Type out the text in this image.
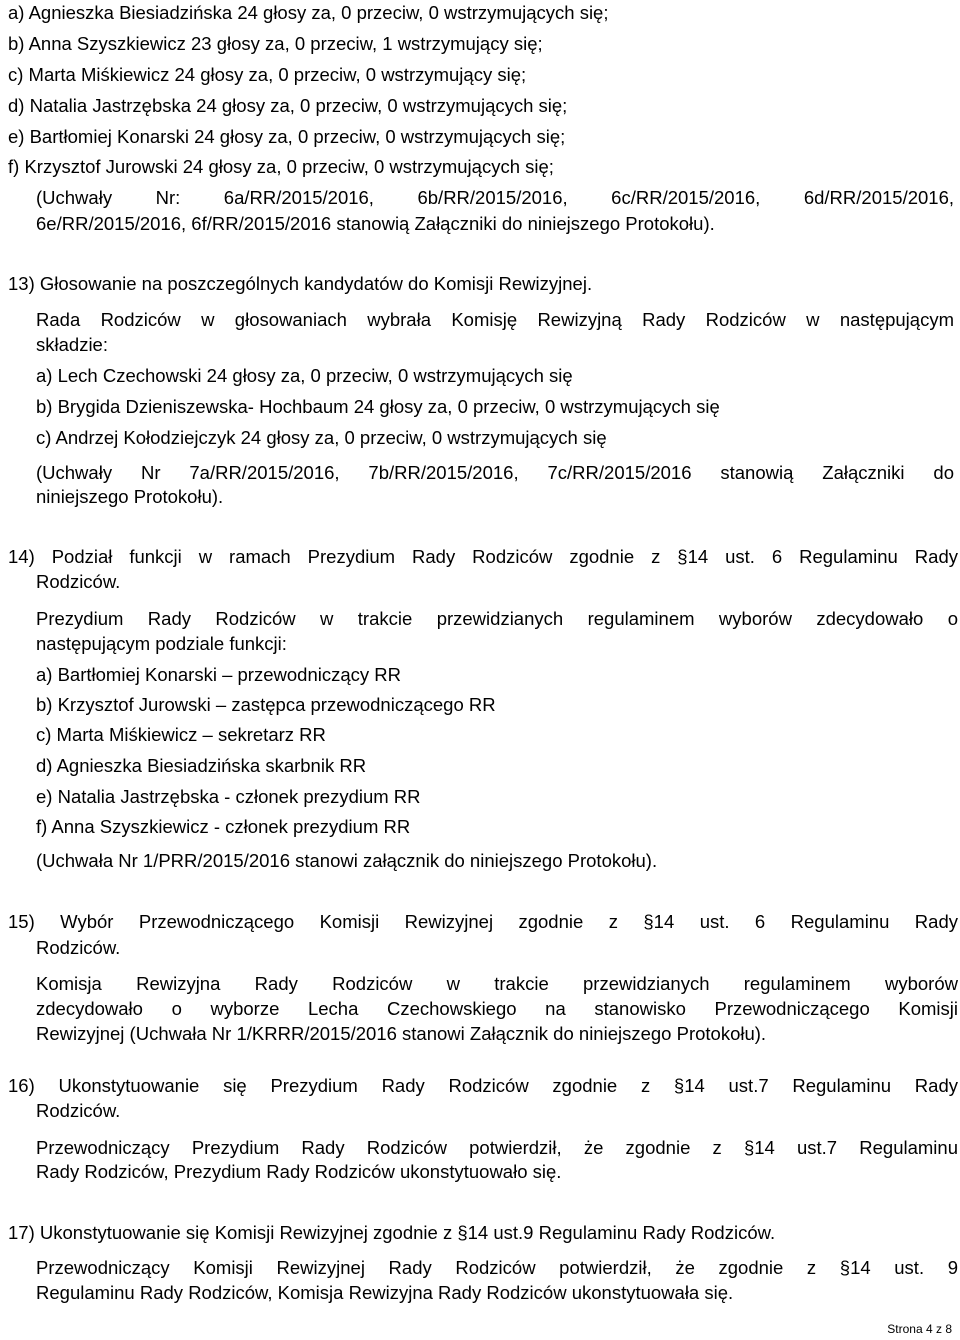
a) Agnieszka Biesiadzińska 24 głosy za, 0 przeciw, 0 wstrzymujących się;
b) Anna Szyszkiewicz 23 głosy za, 0 przeciw, 1 wstrzymujący się;
c) Marta Miśkiewicz 24 głosy za, 0 przeciw, 0 wstrzymujący się;
d) Natalia Jastrzębska 24 głosy za, 0 przeciw, 0 wstrzymujących się;
e) Bartłomiej Konarski 24 głosy za, 0 przeciw, 0 wstrzymujących się;
f) Krzysztof Jurowski 24 głosy za, 0 przeciw, 0 wstrzymujących się;
(Uchwały Nr: 6a/RR/2015/2016, 6b/RR/2015/2016, 6c/RR/2015/2016, 6d/RR/2015/2016,
6e/RR/2015/2016, 6f/RR/2015/2016 stanowią Załączniki do niniejszego Protokołu).
13) Głosowanie na poszczególnych kandydatów do Komisji Rewizyjnej.
Rada Rodziców w głosowaniach wybrała Komisję Rewizyjną Rady Rodziców w następującym
składzie:
a) Lech Czechowski 24 głosy za, 0 przeciw, 0 wstrzymujących się
b) Brygida Dzieniszewska- Hochbaum 24 głosy za, 0 przeciw, 0 wstrzymujących się
c) Andrzej Kołodziejczyk 24 głosy za, 0 przeciw, 0 wstrzymujących się
(Uchwały Nr 7a/RR/2015/2016, 7b/RR/2015/2016, 7c/RR/2015/2016 stanowią Załączniki do
niniejszego Protokołu).
14) Podział funkcji w ramach Prezydium Rady Rodziców zgodnie z §14 ust. 6 Regulaminu Rady
Rodziców.
Prezydium Rady Rodziców w trakcie przewidzianych regulaminem wyborów zdecydowało o
następującym podziale funkcji:
a) Bartłomiej Konarski – przewodniczący RR
b) Krzysztof Jurowski – zastępca przewodniczącego RR
c) Marta Miśkiewicz – sekretarz RR
d) Agnieszka Biesiadzińska skarbnik RR
e) Natalia Jastrzębska - członek prezydium RR
f) Anna Szyszkiewicz - członek prezydium RR
(Uchwała Nr 1/PRR/2015/2016 stanowi załącznik do niniejszego Protokołu).
15) Wybór Przewodniczącego Komisji Rewizyjnej zgodnie z §14 ust. 6 Regulaminu Rady
Rodziców.
Komisja Rewizyjna Rady Rodziców w trakcie przewidzianych regulaminem wyborów
zdecydowało o wyborze Lecha Czechowskiego na stanowisko Przewodniczącego Komisji
Rewizyjnej (Uchwała Nr 1/KRRR/2015/2016 stanowi Załącznik do niniejszego Protokołu).
16) Ukonstytuowanie się Prezydium Rady Rodziców zgodnie z §14 ust.7 Regulaminu Rady
Rodziców.
Przewodniczący Prezydium Rady Rodziców potwierdził, że zgodnie z §14 ust.7 Regulaminu
Rady Rodziców, Prezydium Rady Rodziców ukonstytuowało się.
17) Ukonstytuowanie się Komisji Rewizyjnej zgodnie z §14 ust.9 Regulaminu Rady Rodziców.
Przewodniczący Komisji Rewizyjnej Rady Rodziców potwierdził, że zgodnie z §14 ust. 9
Regulaminu Rady Rodziców, Komisja Rewizyjna Rady Rodziców ukonstytuowała się.
Strona 4 z 8
